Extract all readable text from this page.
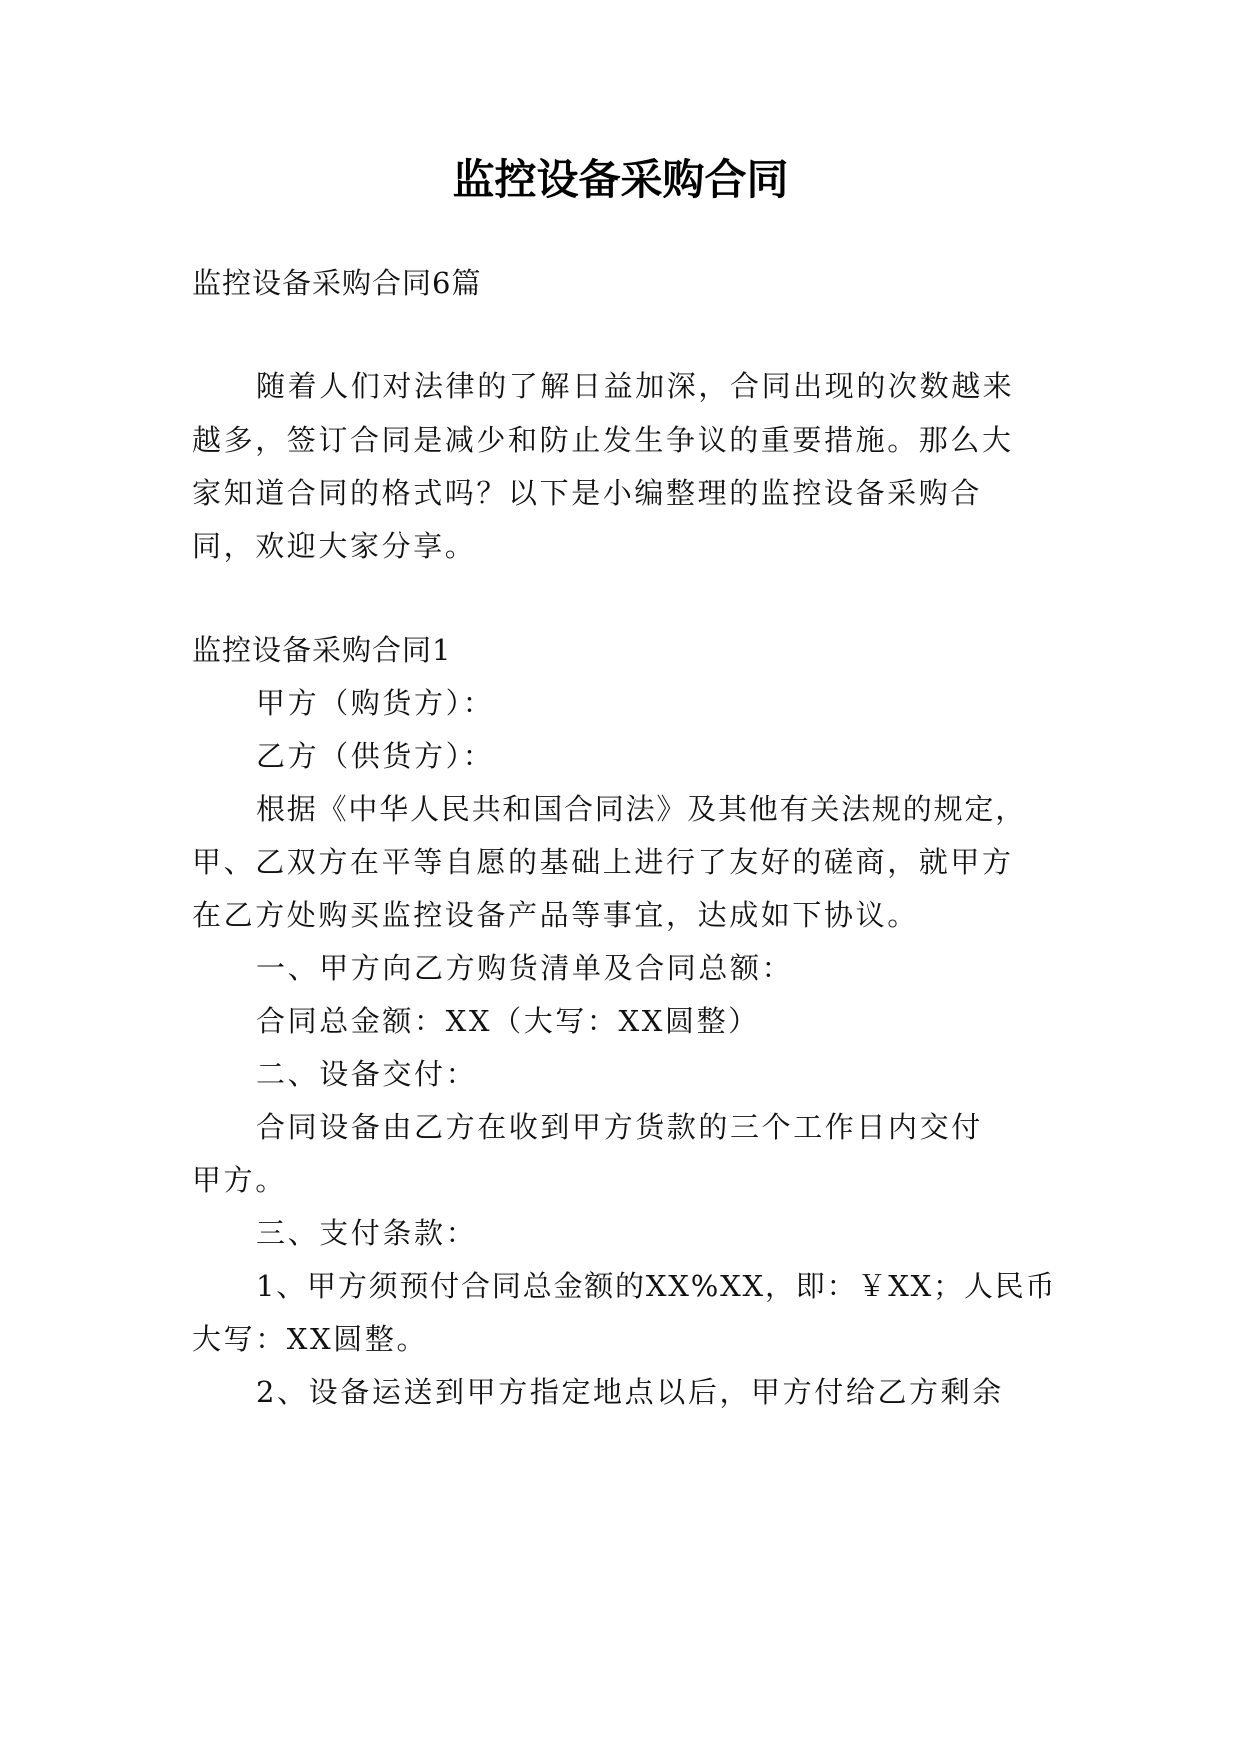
监控设备采购合同
监控设备采购合同6篇
随着人们对法律的了解日益加深，合同出现的次数越来
越多，签订合同是减少和防止发生争议的重要措施。那么大
家知道合同的格式吗？以下是小编整理的监控设备采购合
同，欢迎大家分享。
监控设备采购合同1
甲方（购货方）：
乙方（供货方）：
根据《中华人民共和国合同法》及其他有关法规的规定，
甲、乙双方在平等自愿的基础上进行了友好的磋商，就甲方
在乙方处购买监控设备产品等事宜，达成如下协议。
一、甲方向乙方购货清单及合同总额：
合同总金额：XX（大写：XX圆整）
二、设备交付：
合同设备由乙方在收到甲方货款的三个工作日内交付
甲方。
三、支付条款：
1、甲方须预付合同总金额的XX%XX，即：￥XX；人民币
大写：XX圆整。
2、设备运送到甲方指定地点以后，甲方付给乙方剩余
